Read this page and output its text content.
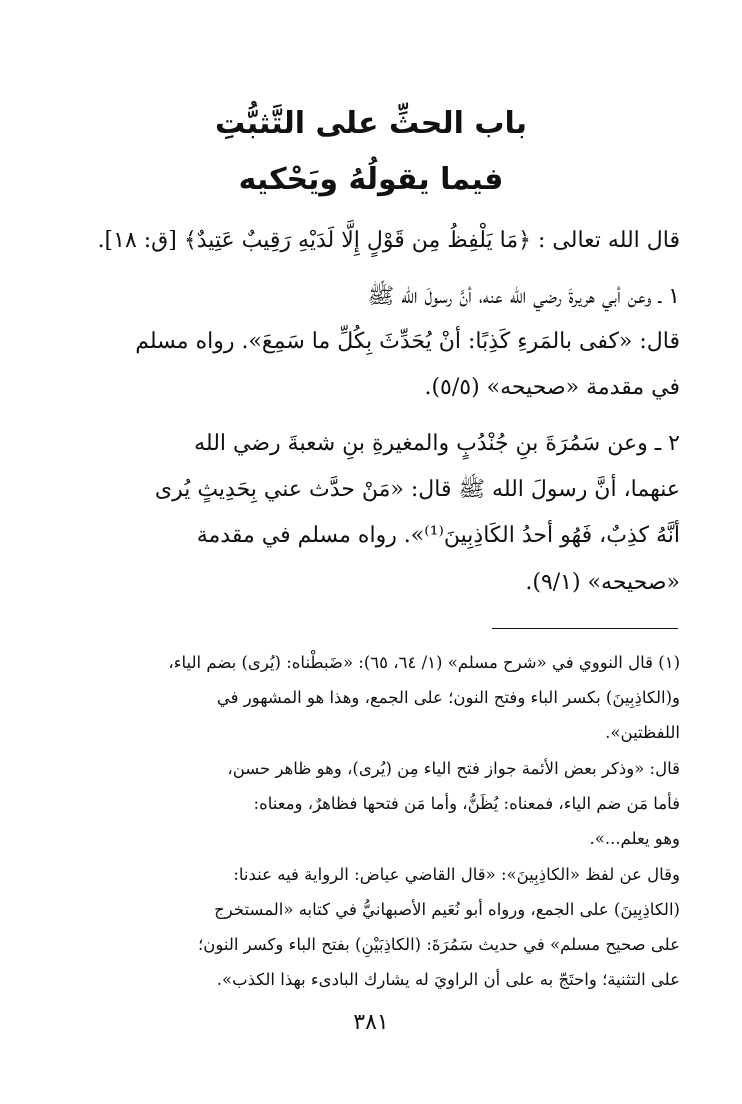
باب الحثِّ على التَّثبُّتِ
فيما يقولُهُ ويَحْكيه
قال الله تعالى : ﴿مَا يَلْفِظُ مِن قَوْلٍ إِلَّا لَدَيْهِ رَقِيبٌ عَتِيدٌ﴾ [ق: ١٨].
١ ـ وعن أبي هريرةَ رضي الله عنه، أنَّ رسولَ الله ﷺ
قال: «كفى بالمَرءِ كَذِبًا: أنْ يُحَدِّثَ بِكُلِّ ما سَمِعَ». رواه مسلم
في مقدمة «صحيحه» (٥/٥).
٢ ـ وعن سَمُرَةَ بنِ جُنْدُبٍ والمغيرةِ بنِ شعبةَ رضي الله
عنهما، أنَّ رسولَ الله ﷺ قال: «مَنْ حدَّث عني بِحَدِيثٍ يُرى
أنَّهُ كذِبٌ، فَهُو أحدُ الكَاذِبِينَ⁽¹⁾». رواه مسلم في مقدمة
«صحيحه» (٩/١).
(١) قال النووي في «شرح مسلم» (١/ ٦٤، ٦٥): «ضَبطْناه: (يُرى) بضم الياء،
و(الكاذِبِينَ) بكسر الباء وفتح النون؛ على الجمع، وهذا هو المشهور في
اللفظتين».
قال: «وذكر بعض الأئمة جواز فتح الياء مِن (يُرى)، وهو ظاهر حسن،
فأما مَن ضم الياء، فمعناه: يُظَنُّ، وأما مَن فتحها فظاهرٌ، ومعناه:
وهو يعلم...».
وقال عن لفظ «الكاذِبِينَ»: «قال القاضي عياض: الرواية فيه عندنا:
(الكاذِبِينَ) على الجمع، ورواه أبو نُعَيم الأصبهانيُّ في كتابه «المستخرج
على صحيح مسلم» في حديث سَمُرَةَ: (الكاذِبَيْنِ) بفتح الباء وكسر النون؛
على التثنية؛ واحتَجّ به على أن الراويَ له يشارك البادىء بهذا الكذب».
٣٨١
